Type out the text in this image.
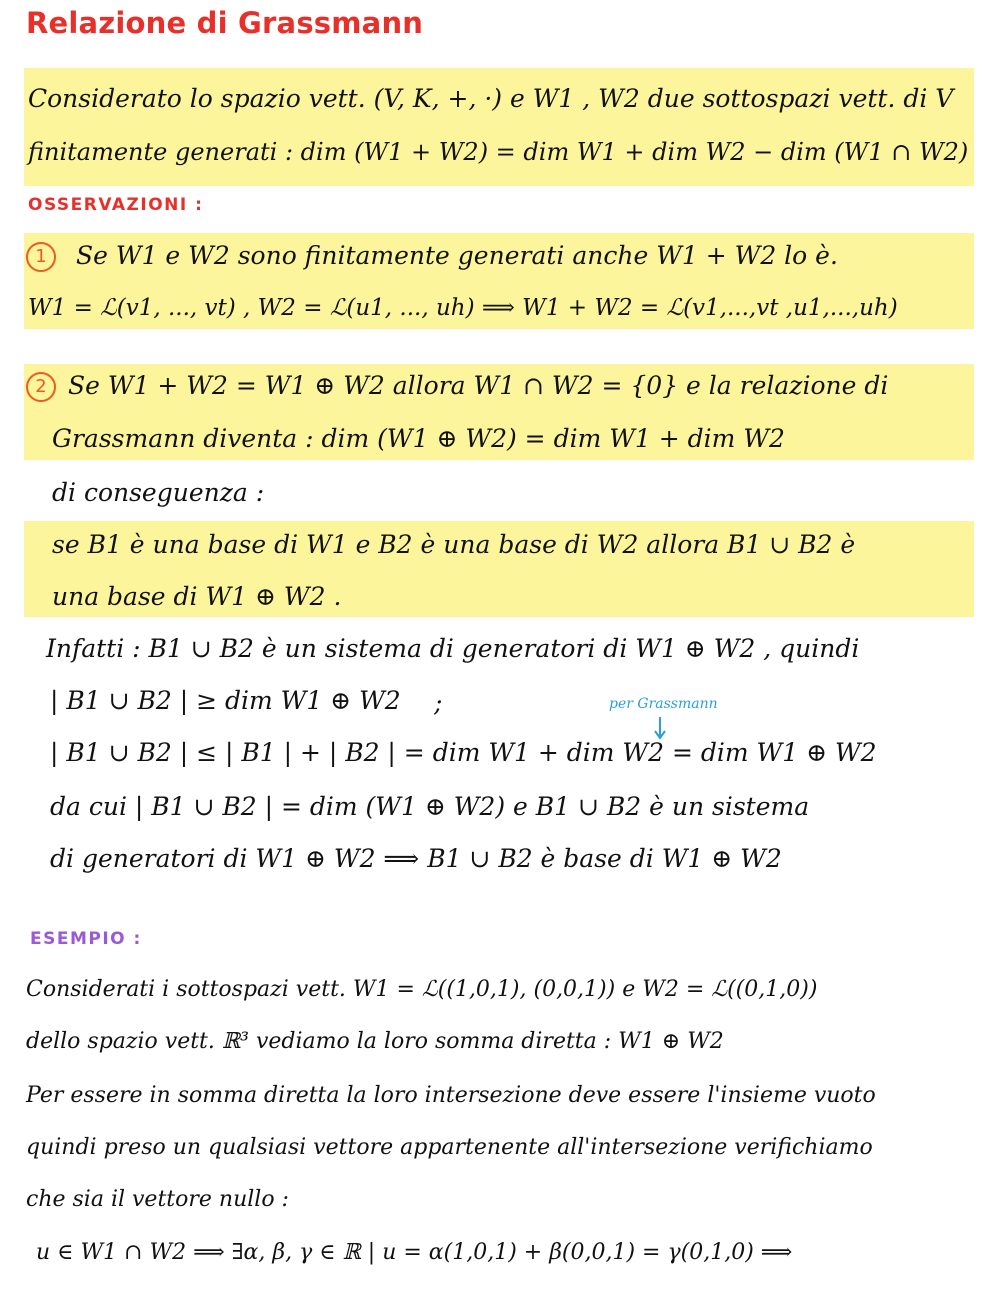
Relazione di Grassmann
Considerato lo spazio vett. (V, K, +, ·) e W1 , W2 due sottospazi vett. di V
finitamente generati : dim (W1 + W2) = dim W1 + dim W2 − dim (W1 ∩ W2)
OSSERVAZIONI :
1	Se W1 e W2 sono finitamente generati anche W1 + W2 lo è.
W1 = ℒ(v1, ..., vt) , W2 = ℒ(u1, ..., uh) ⟹ W1 + W2 = ℒ(v1,...,vt ,u1,...,uh)
2 Se W1 + W2 = W1 ⊕ W2 allora W1 ∩ W2 = {0} e la relazione di
Grassmann diventa : dim (W1 ⊕ W2) = dim W1 + dim W2
di conseguenza :
se B1 è una base di W1 e B2 è una base di W2 allora B1 ∪ B2 è
una base di W1 ⊕ W2 .
Infatti : B1 ∪ B2 è un sistema di generatori di W1 ⊕ W2 , quindi
| B1 ∪ B2 | ≥ dim W1 ⊕ W2 ;	per Grassmann
| B1 ∪ B2 | ≤ | B1 | + | B2 | = dim W1 + dim W2 = dim W1 ⊕ W2
da cui | B1 ∪ B2 | = dim (W1 ⊕ W2) e B1 ∪ B2 è un sistema
di generatori di W1 ⊕ W2 ⟹ B1 ∪ B2 è base di W1 ⊕ W2
ESEMPIO :
Considerati i sottospazi vett. W1 = ℒ((1,0,1), (0,0,1)) e W2 = ℒ((0,1,0))
dello spazio vett. ℝ³ vediamo la loro somma diretta : W1 ⊕ W2
Per essere in somma diretta la loro intersezione deve essere l'insieme vuoto
quindi preso un qualsiasi vettore appartenente all'intersezione verifichiamo
che sia il vettore nullo :
u ∈ W1 ∩ W2 ⟹ ∃α, β, γ ∈ ℝ | u = α(1,0,1) + β(0,0,1) = γ(0,1,0) ⟹
